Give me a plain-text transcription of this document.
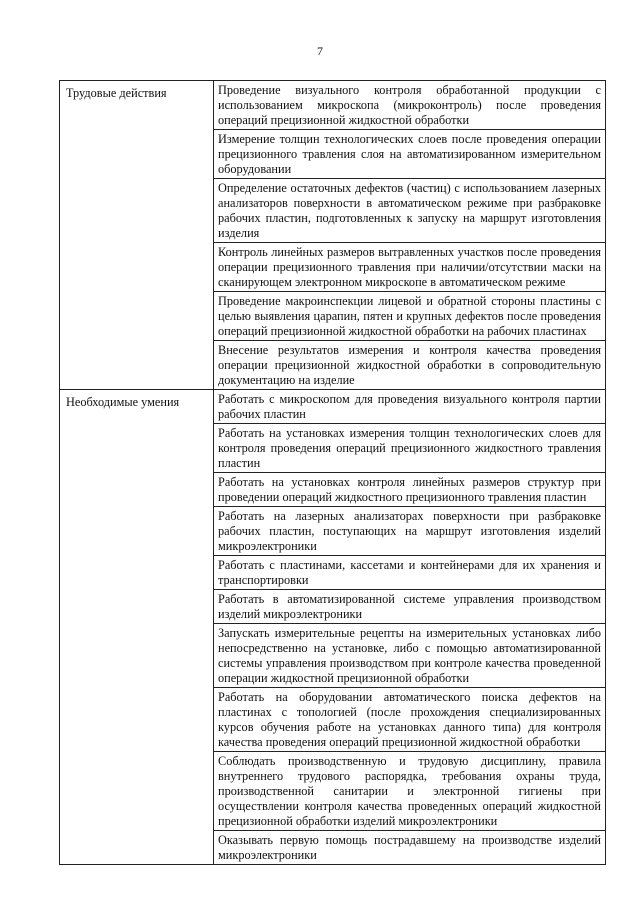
7
Трудовые действия	Проведение визуального контроля обработанной продукции с использованием микроскопа (микроконтроль) после проведения операций прецизионной жидкостной обработки
	Измерение толщин технологических слоев после проведения операции прецизионного травления слоя на автоматизированном измерительном оборудовании
	Определение остаточных дефектов (частиц) с использованием лазерных анализаторов поверхности в автоматическом режиме при разбраковке рабочих пластин, подготовленных к запуску на маршрут изготовления изделия
	Контроль линейных размеров вытравленных участков после проведения операции прецизионного травления при наличии/отсутствии маски на сканирующем электронном микроскопе в автоматическом режиме
	Проведение макроинспекции лицевой и обратной стороны пластины с целью выявления царапин, пятен и крупных дефектов после проведения операций прецизионной жидкостной обработки на рабочих пластинах
	Внесение результатов измерения и контроля качества проведения операции прецизионной жидкостной обработки в сопроводительную документацию на изделие
Необходимые умения	Работать с микроскопом для проведения визуального контроля партии рабочих пластин
	Работать на установках измерения толщин технологических слоев для контроля проведения операций прецизионного жидкостного травления пластин
	Работать на установках контроля линейных размеров структур при проведении операций жидкостного прецизионного травления пластин
	Работать на лазерных анализаторах поверхности при разбраковке рабочих пластин, поступающих на маршрут изготовления изделий микроэлектроники
	Работать с пластинами, кассетами и контейнерами для их хранения и транспортировки
	Работать в автоматизированной системе управления производством изделий микроэлектроники
	Запускать измерительные рецепты на измерительных установках либо непосредственно на установке, либо с помощью автоматизированной системы управления производством при контроле качества проведенной операции жидкостной прецизионной обработки
	Работать на оборудовании автоматического поиска дефектов на пластинах с топологией (после прохождения специализированных курсов обучения работе на установках данного типа) для контроля качества проведения операций прецизионной жидкостной обработки
	Соблюдать производственную и трудовую дисциплину, правила внутреннего трудового распорядка, требования охраны труда, производственной санитарии и электронной гигиены при осуществлении контроля качества проведенных операций жидкостной прецизионной обработки изделий микроэлектроники
	Оказывать первую помощь пострадавшему на производстве изделий микроэлектроники
